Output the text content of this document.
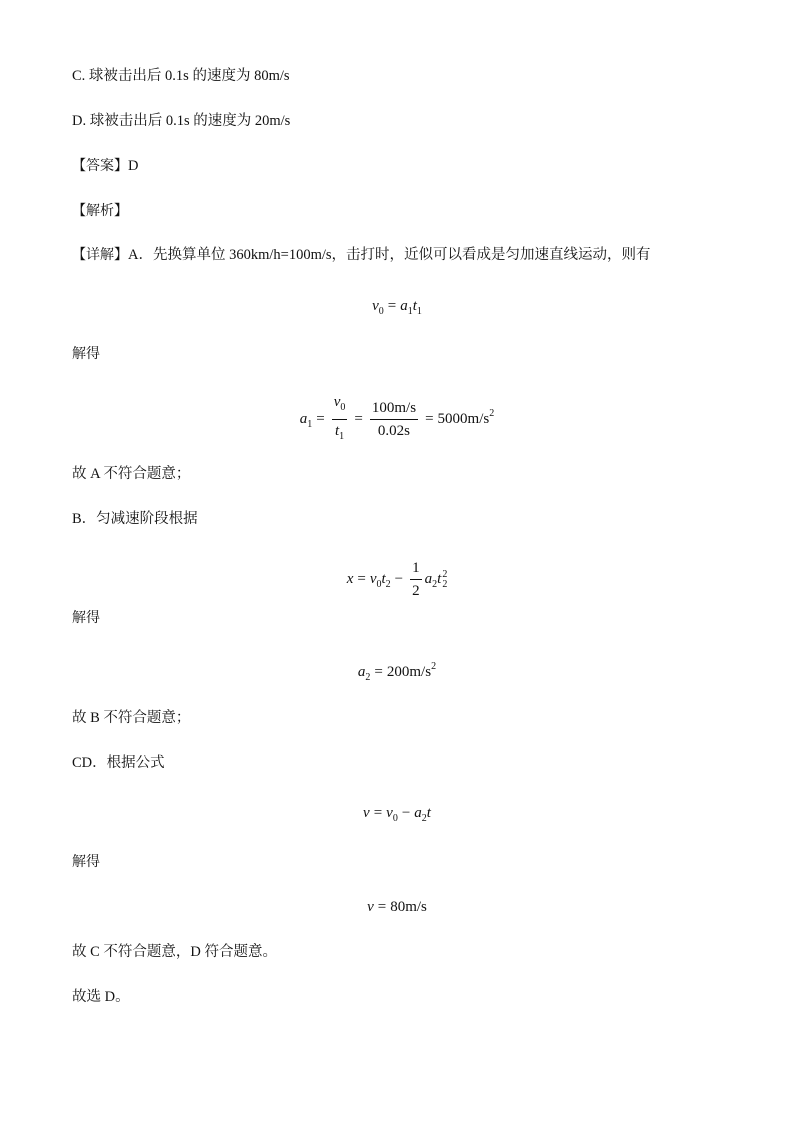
C. 球被击出后 0.1s 的速度为 80m/s
D. 球被击出后 0.1s 的速度为 20m/s
【答案】D
【解析】
【详解】A．先换算单位 360km/h=100m/s，击打时，近似可以看成是匀加速直线运动，则有
$v_0 = a_1t_1$
解得
$a_1 = \frac{v_0}{t_1} = \frac{100m/s}{0.02s} = 5000m/s^2$
故 A 不符合题意；
B．匀减速阶段根据
$x = v_0t_2 - \frac{1}{2} a_2t$ 2
2
解得
$a_2 = 200m/s^2$
故 B 不符合题意；
CD．根据公式
$v = v_0 - a_2t$
解得
v = 80m/s
故 C 不符合题意，D 符合题意。
故选 D。
